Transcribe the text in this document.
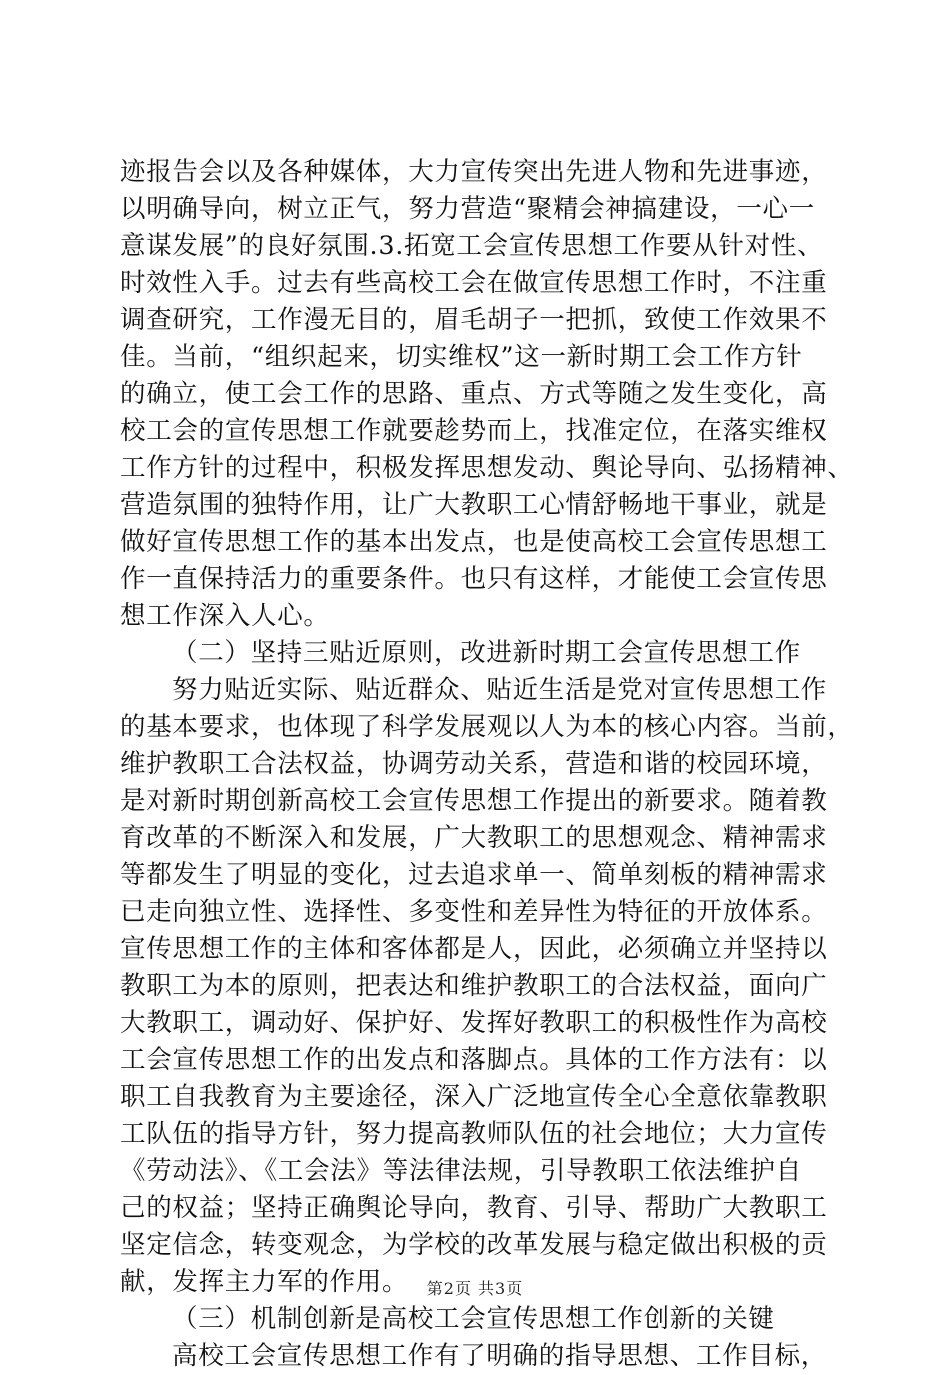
迹报告会以及各种媒体，大力宣传突出先进人物和先进事迹，
以明确导向，树立正气，努力营造“聚精会神搞建设，一心一
意谋发展”的良好氛围.3.拓宽工会宣传思想工作要从针对性、
时效性入手。过去有些高校工会在做宣传思想工作时，不注重
调查研究，工作漫无目的，眉毛胡子一把抓，致使工作效果不
佳。当前，“组织起来，切实维权”这一新时期工会工作方针
的确立，使工会工作的思路、重点、方式等随之发生变化，高
校工会的宣传思想工作就要趁势而上，找准定位，在落实维权
工作方针的过程中，积极发挥思想发动、舆论导向、弘扬精神、
营造氛围的独特作用，让广大教职工心情舒畅地干事业，就是
做好宣传思想工作的基本出发点，也是使高校工会宣传思想工
作一直保持活力的重要条件。也只有这样，才能使工会宣传思
想工作深入人心。
（二）坚持三贴近原则，改进新时期工会宣传思想工作
努力贴近实际、贴近群众、贴近生活是党对宣传思想工作
的基本要求，也体现了科学发展观以人为本的核心内容。当前，
维护教职工合法权益，协调劳动关系，营造和谐的校园环境，
是对新时期创新高校工会宣传思想工作提出的新要求。随着教
育改革的不断深入和发展，广大教职工的思想观念、精神需求
等都发生了明显的变化，过去追求单一、简单刻板的精神需求
已走向独立性、选择性、多变性和差异性为特征的开放体系。
宣传思想工作的主体和客体都是人，因此，必须确立并坚持以
教职工为本的原则，把表达和维护教职工的合法权益，面向广
大教职工，调动好、保护好、发挥好教职工的积极性作为高校
工会宣传思想工作的出发点和落脚点。具体的工作方法有：以
职工自我教育为主要途径，深入广泛地宣传全心全意依靠教职
工队伍的指导方针，努力提高教师队伍的社会地位；大力宣传
《劳动法》、《工会法》等法律法规，引导教职工依法维护自
己的权益；坚持正确舆论导向，教育、引导、帮助广大教职工
坚定信念，转变观念，为学校的改革发展与稳定做出积极的贡
献，发挥主力军的作用。
（三）机制创新是高校工会宣传思想工作创新的关键
高校工会宣传思想工作有了明确的指导思想、工作目标，
第2页 共3页
